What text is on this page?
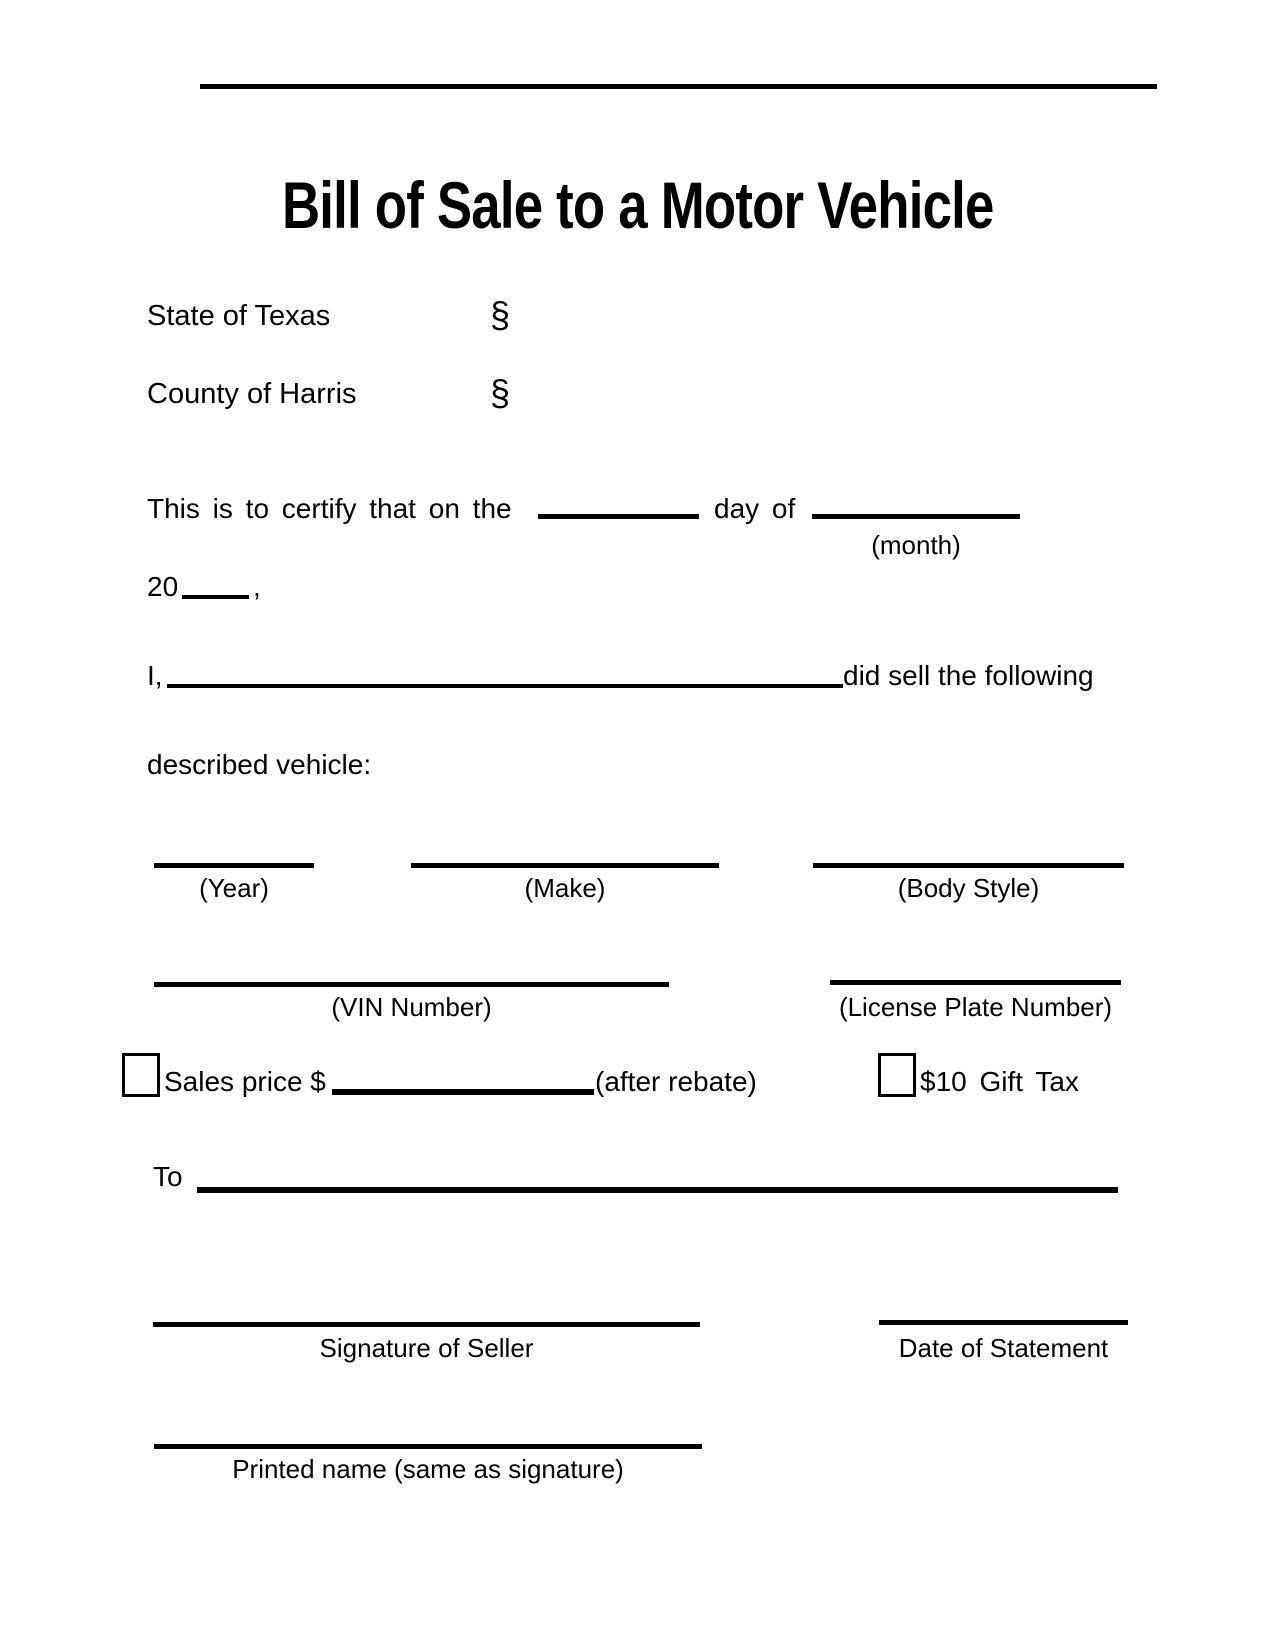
Bill of Sale to a Motor Vehicle
State of Texas	§
County of Harris	§
This is to certify that on the	day of
(month)
20	,
I,	did sell the following
described vehicle:
(Year)	(Make)	(Body Style)
(VIN Number)	(License Plate Number)
Sales price $	(after rebate)	$10 Gift Tax
To
Signature of Seller	Date of Statement
Printed name (same as signature)
